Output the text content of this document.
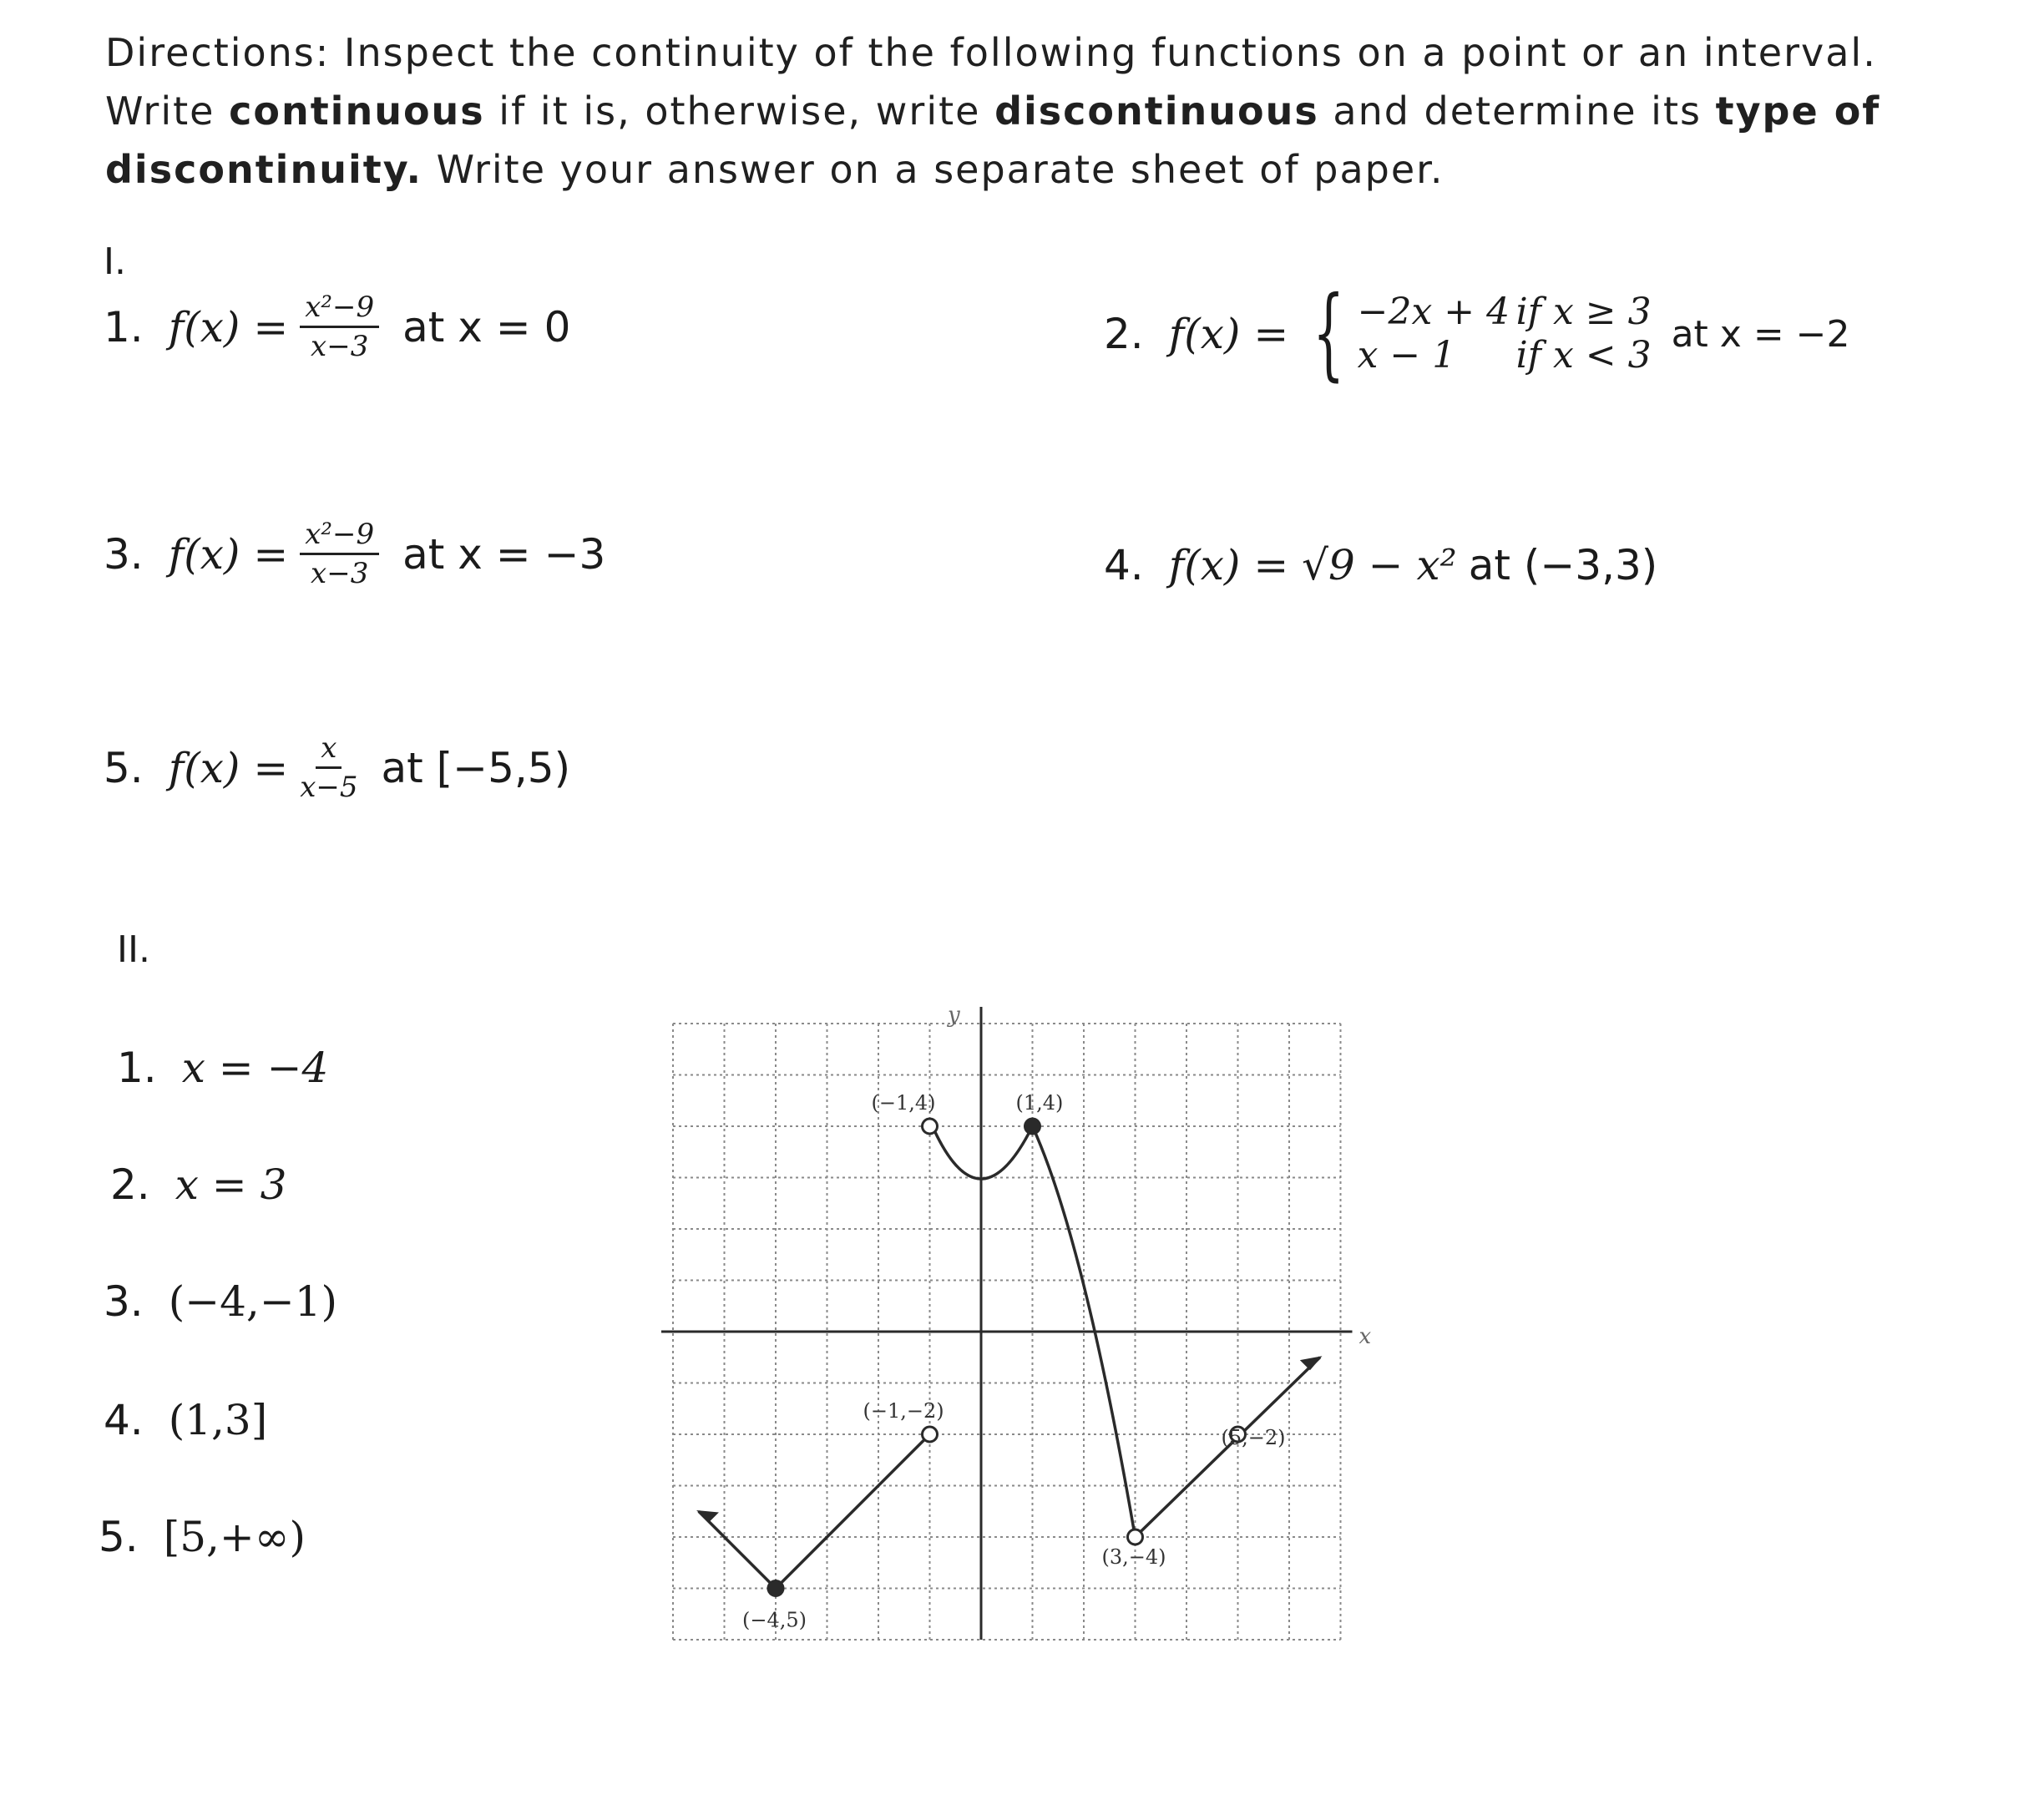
Directions: Inspect the continuity of the following functions on a point or an interval. Write continuous if it is, otherwise, write discontinuous and determine its type of discontinuity. Write your answer on a separate sheet of paper.
I.
1. $f(x) = \frac{\text{x²−9}}{x-3}$ at x = 0	2. f(x) = { −2x + 4 if x ≥ 3
x − 1	if x < 3 at x = −2
3. $f(x) = \frac{\text{x²−9}}{x-3}$ at x = −3	4. f(x) = √9 − x² at (−3,3)
5. $f(x) = \frac{x}{x-5}$ at [−5,5)
II.
1. x = −4
2. x = 3
3. (−4,−1)
4. (1,3]
5. [5,+∞)
x
y
(−1,4)	(1,4)
(−1,−2)
(5,−2)
(3,−4)
(−4,5)
